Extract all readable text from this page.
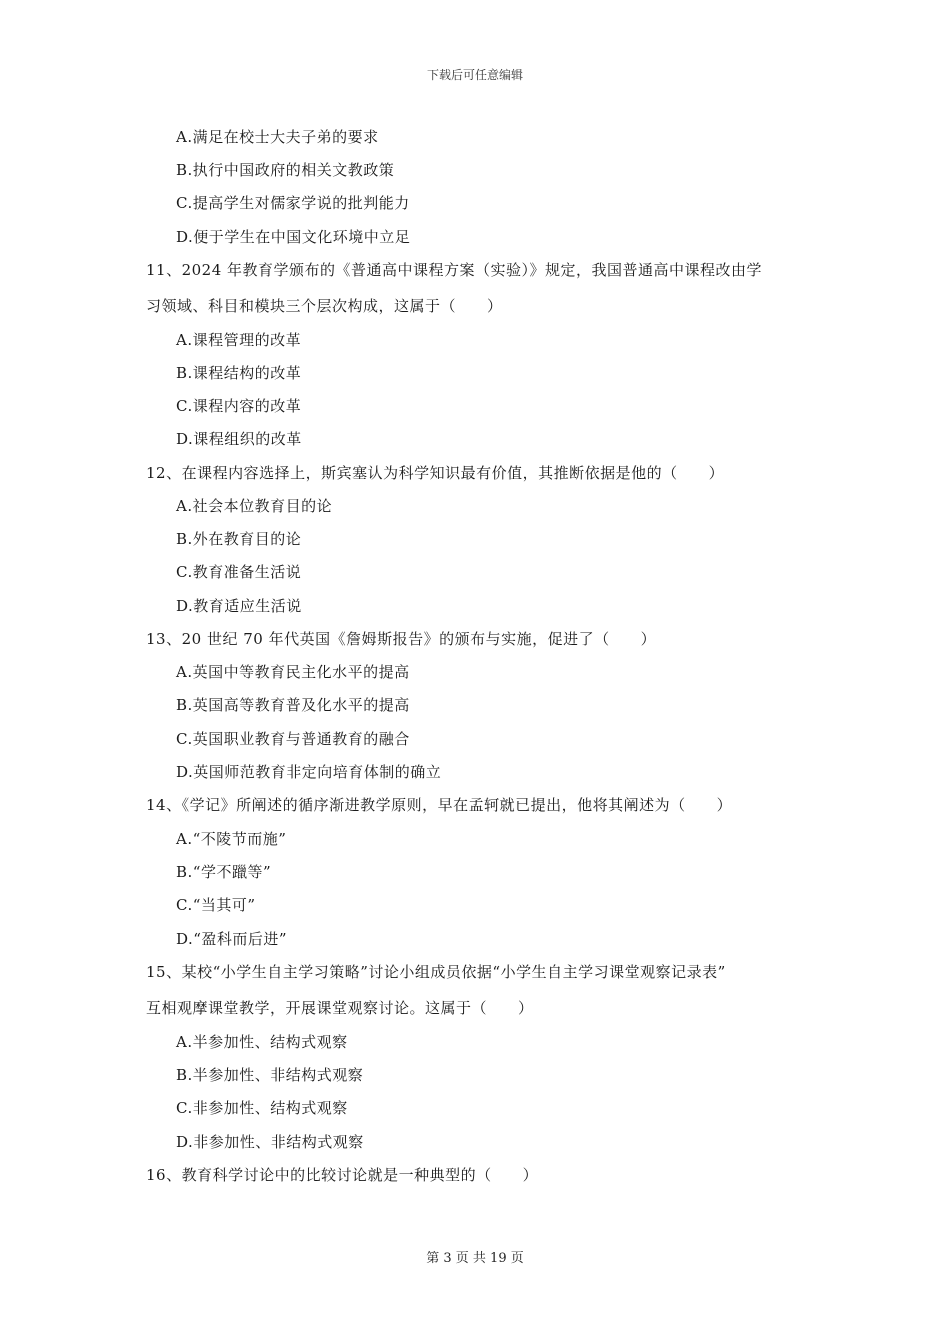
下载后可任意编辑
A.满足在校士大夫子弟的要求
B.执行中国政府的相关文教政策
C.提高学生对儒家学说的批判能力
D.便于学生在中国文化环境中立足
11、2024 年教育学颁布的《普通高中课程方案（实验）》规定，我国普通高中课程改由学
习领域、科目和模块三个层次构成，这属于（　　）
A.课程管理的改革
B.课程结构的改革
C.课程内容的改革
D.课程组织的改革
12、在课程内容选择上，斯宾塞认为科学知识最有价值，其推断依据是他的（　　）
A.社会本位教育目的论
B.外在教育目的论
C.教育准备生活说
D.教育适应生活说
13、20 世纪 70 年代英国《詹姆斯报告》的颁布与实施，促进了（　　）
A.英国中等教育民主化水平的提高
B.英国高等教育普及化水平的提高
C.英国职业教育与普通教育的融合
D.英国师范教育非定向培育体制的确立
14、《学记》所阐述的循序渐进教学原则，早在孟轲就已提出，他将其阐述为（　　）
A.“不陵节而施”
B.“学不躐等”
C.“当其可”
D.“盈科而后进”
15、某校“小学生自主学习策略”讨论小组成员依据“小学生自主学习课堂观察记录表”
互相观摩课堂教学，开展课堂观察讨论。这属于（　　）
A.半参加性、结构式观察
B.半参加性、非结构式观察
C.非参加性、结构式观察
D.非参加性、非结构式观察
16、教育科学讨论中的比较讨论就是一种典型的（　　）
第 3 页 共 19 页
